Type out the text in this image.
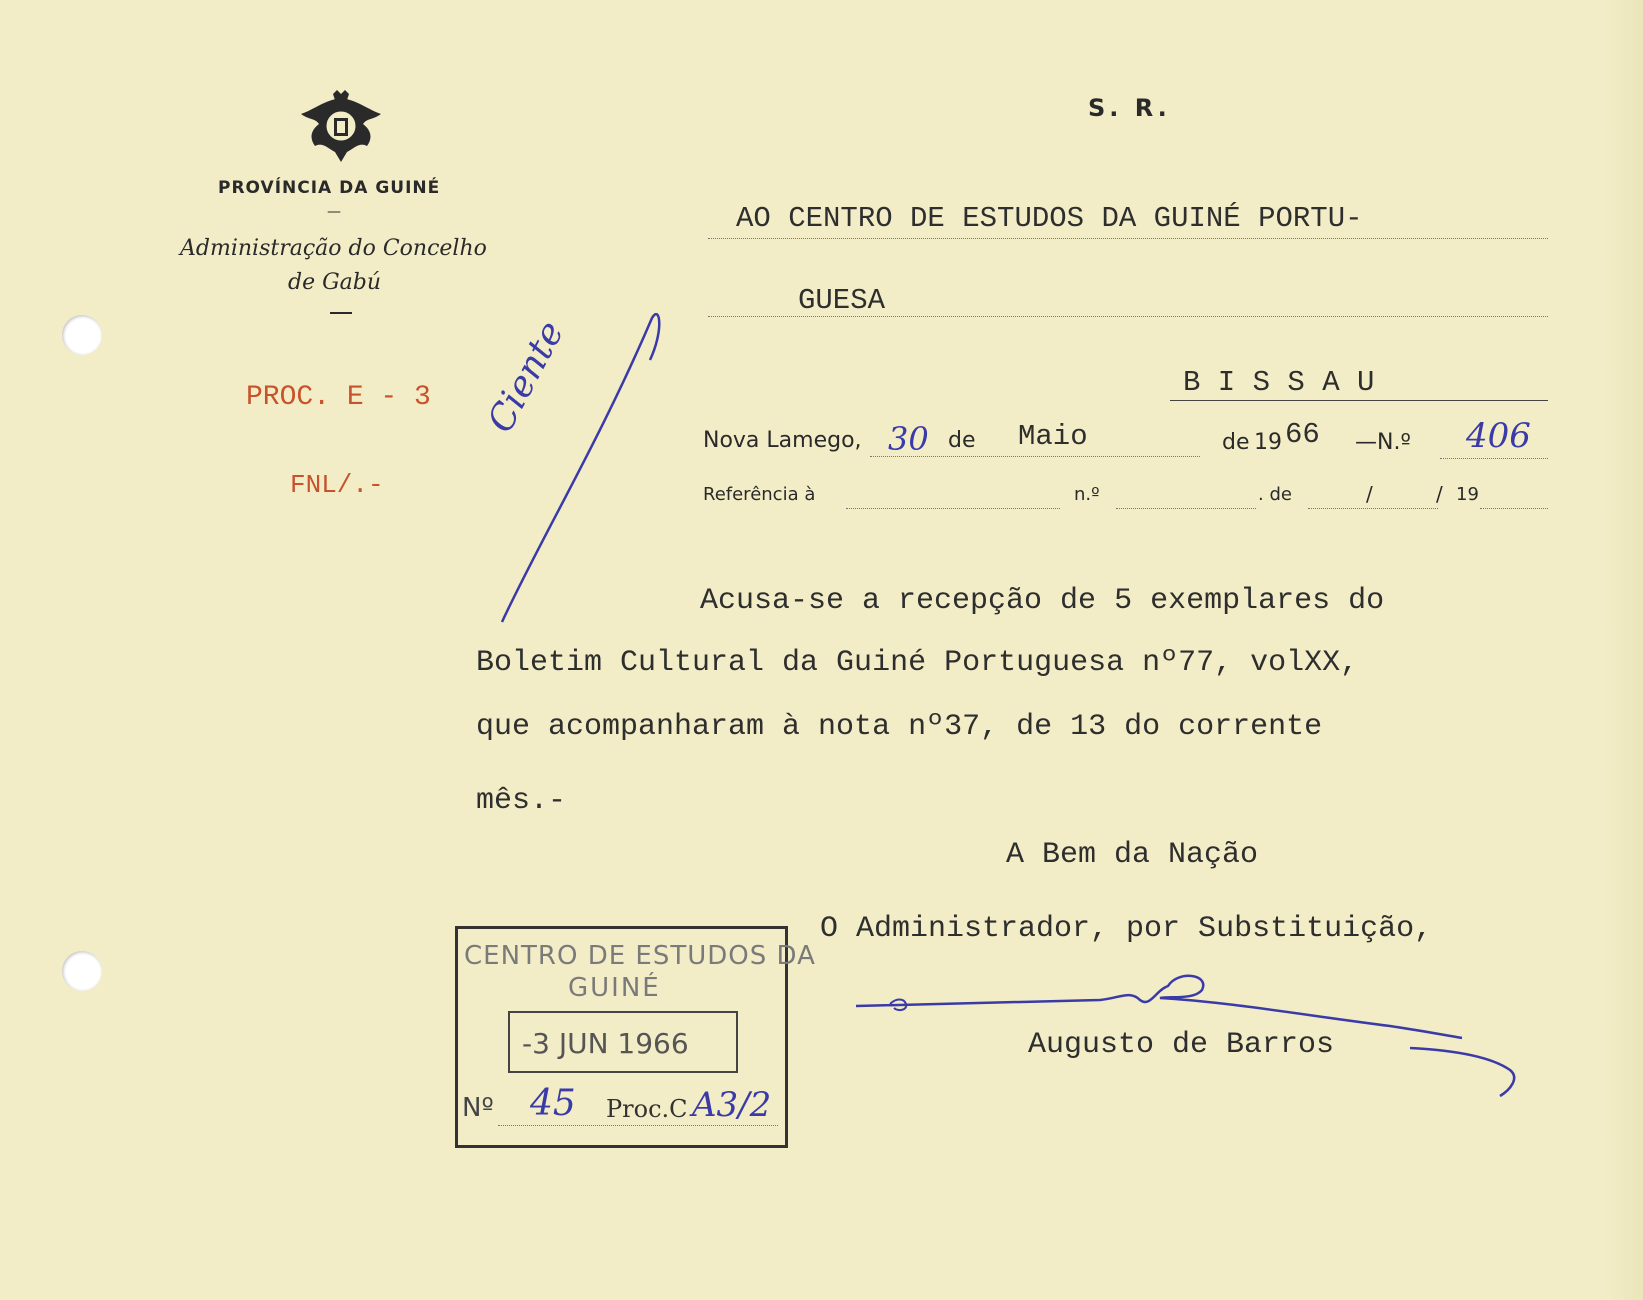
PROVÍNCIA DA GUINÉ
—
Administração do Concelho
de Gabú
S. R.
AO CENTRO DE ESTUDOS DA GUINÉ PORTU-
GUESA
B I S S A U
PROC. E - 3
FNL/.-
Ciente
Nova Lamego, 30 de Maio	de 19 66 —N.º 406
Referência à	n.º	. de	/	/ 19
Acusa-se a recepção de 5 exemplares do
Boletim Cultural da Guiné Portuguesa nº77, volXX,
que acompanharam à nota nº37, de 13 do corrente
mês.-
A Bem da Nação
O Administrador, por Substituição,
Augusto de Barros
CENTRO DE ESTUDOS DA
GUINÉ
-3 JUN 1966
Nº 45 Proc.C A3/2
